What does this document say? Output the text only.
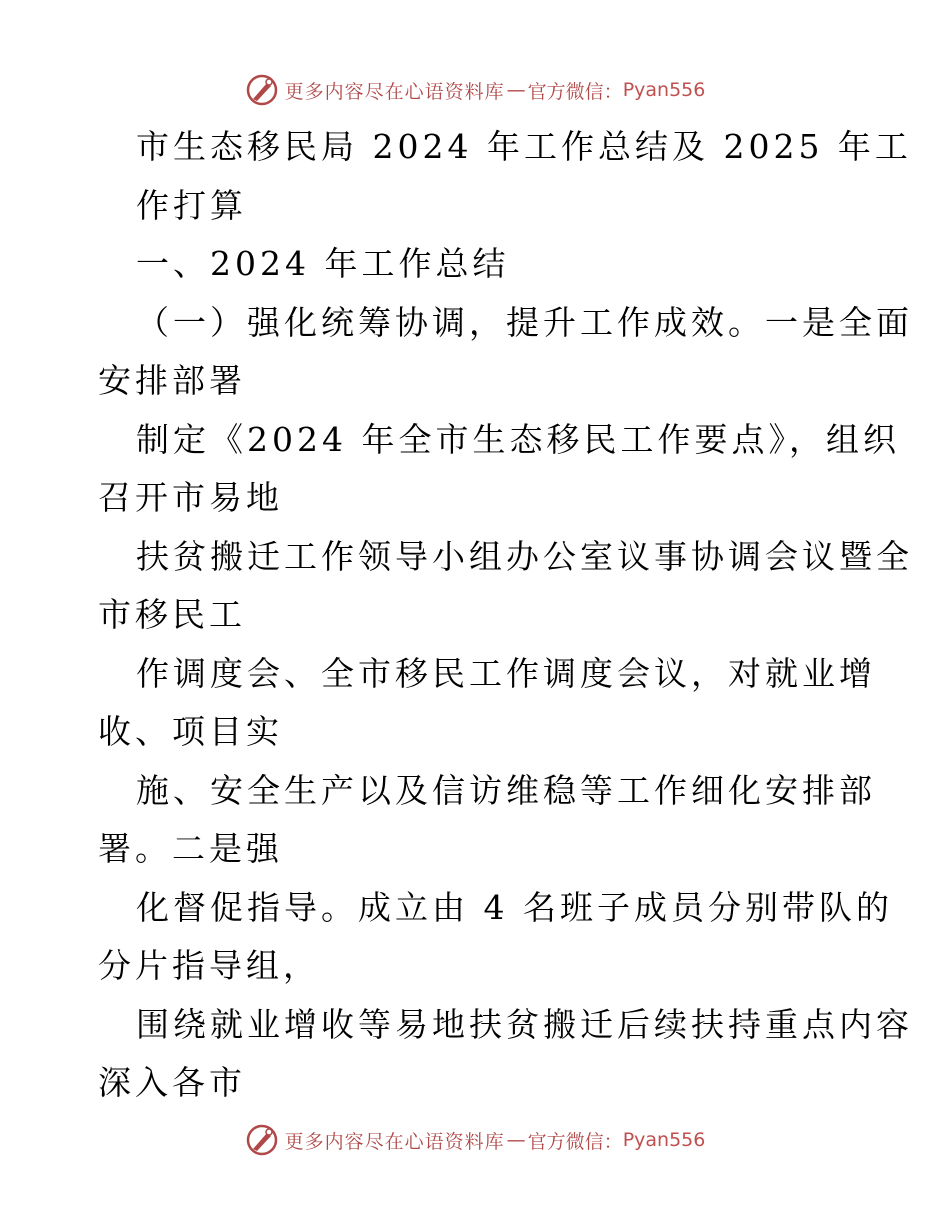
更多内容尽在心语资料库 — 官方微信： Pyan556
市生态移民局 2024 年工作总结及 2025 年工
作打算
一、2024 年工作总结
（一）强化统筹协调，提升工作成效。一是全面
安排部署
制定《2024 年全市生态移民工作要点》，组织
召开市易地
扶贫搬迁工作领导小组办公室议事协调会议暨全
市移民工
作调度会、全市移民工作调度会议，对就业增
收、项目实
施、安全生产以及信访维稳等工作细化安排部
署。二是强
化督促指导。成立由 4 名班子成员分别带队的
分片指导组，
围绕就业增收等易地扶贫搬迁后续扶持重点内容
深入各市
更多内容尽在心语资料库 — 官方微信： Pyan556
